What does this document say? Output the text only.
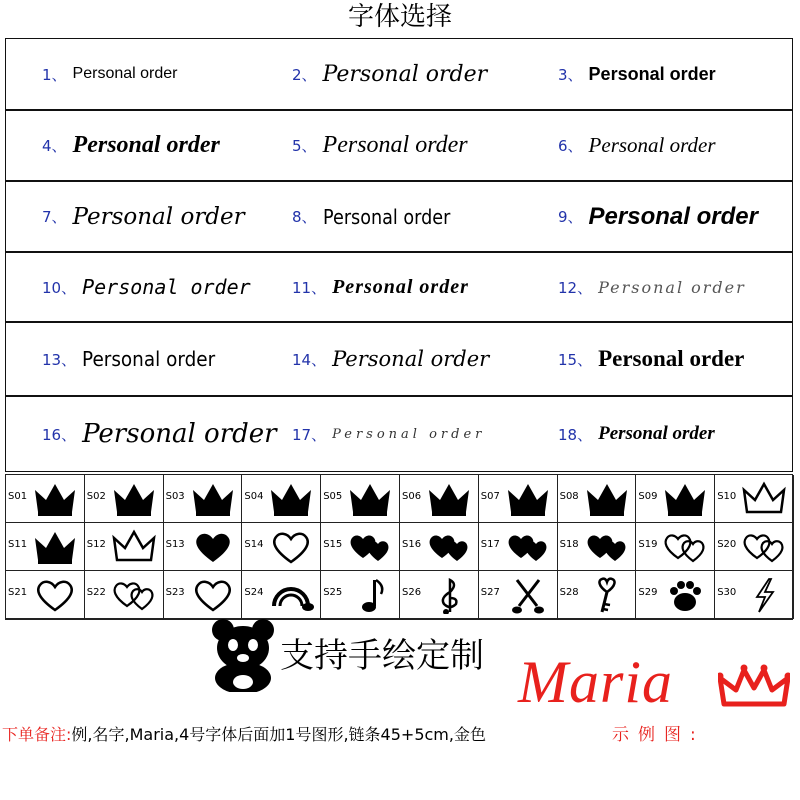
字体选择
1、 Personal order	2、 Personal order	3、 Personal order
4、 Personal order	5、 Personal order	6、 Personal order
7、 Personal order	8、 Personal order	9、 Personal order
10、 Personal order	11、 Personal order	12、 Personal order
13、 Personal order	14、 Personal order	15、 Personal order
16、 Personal order 17、 Personal order	18、 Personal order
S01	S02	S03	S04	S05	S06	S07	S08	S09	S10
S11	S12	S13	S14	S15	S16	S17	S18	S19	S20
S21	S22	S23	S24	S25	S26	S27	S28	S29	S30
支持手绘定制 Maria
示例图:
下单备注:例,名字,Maria,4号字体后面加1号图形,链条45+5cm,金色
